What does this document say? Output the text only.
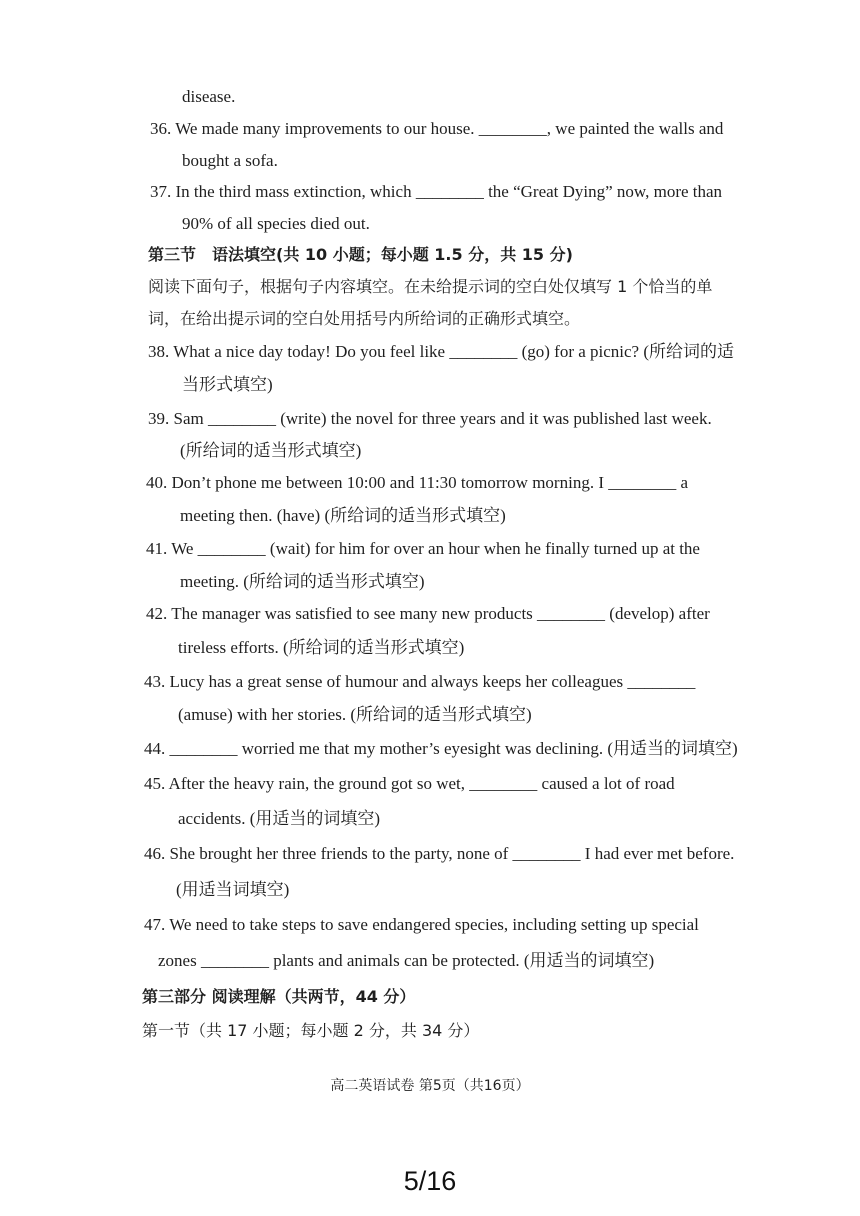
disease.
36. We made many improvements to our house. ________, we painted the walls and
bought a sofa.
37. In the third mass extinction, which ________ the “Great Dying” now, more than
90% of all species died out.
第三节　语法填空(共 10 小题；每小题 1.5 分，共 15 分)
阅读下面句子，根据句子内容填空。在未给提示词的空白处仅填写 1 个恰当的单
词，在给出提示词的空白处用括号内所给词的正确形式填空。
38. What a nice day today! Do you feel like ________ (go) for a picnic? (所给词的适
当形式填空)
39. Sam ________ (write) the novel for three years and it was published last week.
(所给词的适当形式填空)
40. Don’t phone me between 10:00 and 11:30 tomorrow morning. I ________ a
meeting then. (have) (所给词的适当形式填空)
41. We ________ (wait) for him for over an hour when he finally turned up at the
meeting. (所给词的适当形式填空)
42. The manager was satisfied to see many new products ________ (develop) after
tireless efforts. (所给词的适当形式填空)
43. Lucy has a great sense of humour and always keeps her colleagues ________
(amuse) with her stories. (所给词的适当形式填空)
44. ________ worried me that my mother’s eyesight was declining. (用适当的词填空)
45. After the heavy rain, the ground got so wet, ________ caused a lot of road
accidents. (用适当的词填空)
46. She brought her three friends to the party, none of ________ I had ever met before.
(用适当词填空)
47. We need to take steps to save endangered species, including setting up special
zones ________ plants and animals can be protected. (用适当的词填空)
第三部分 阅读理解（共两节，44 分）
第一节（共 17 小题；每小题 2 分，共 34 分）
高二英语试卷 第5页（共16页）
5/16
